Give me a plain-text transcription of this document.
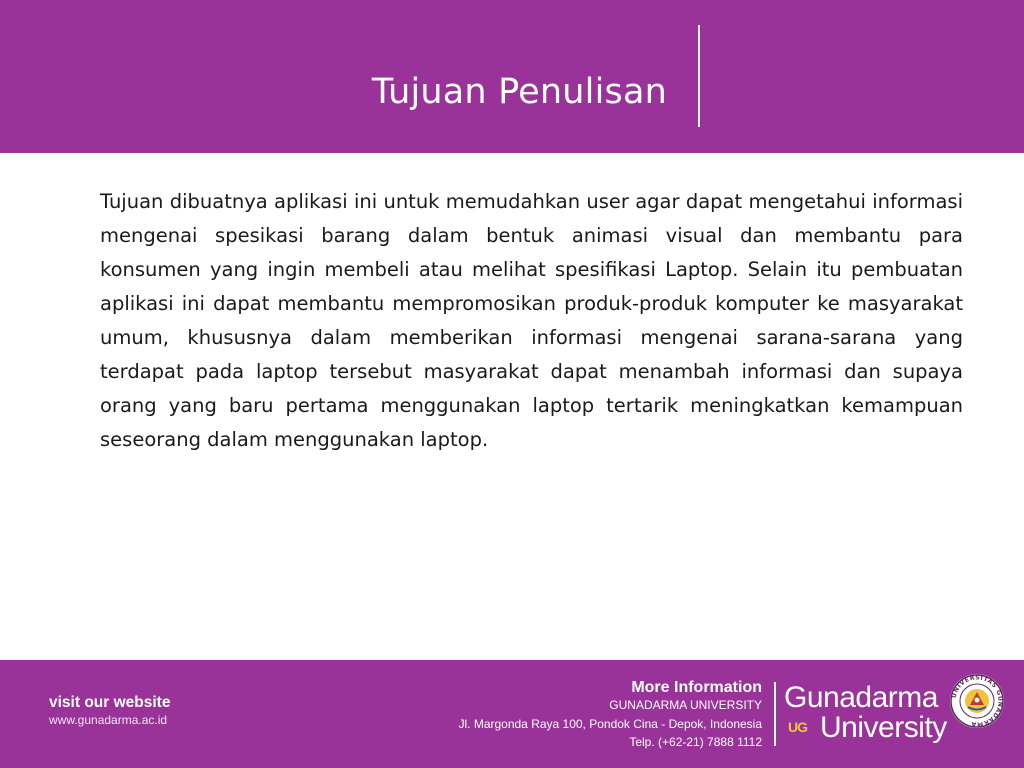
Tujuan Penulisan

Tujuan dibuatnya aplikasi ini untuk memudahkan user agar dapat mengetahui informasi mengenai spesikasi barang dalam bentuk animasi visual dan membantu para konsumen yang ingin membeli atau melihat spesifikasi Laptop. Selain itu pembuatan aplikasi ini dapat membantu mempromosikan produk-produk komputer ke masyarakat umum, khususnya dalam memberikan informasi mengenai sarana-sarana yang terdapat pada laptop tersebut masyarakat dapat menambah informasi dan supaya orang yang baru pertama menggunakan laptop tertarik meningkatkan kemampuan seseorang dalam menggunakan laptop.

visit our website
www.gunadarma.ac.id
More Information
GUNADARMA UNIVERSITY
Jl. Margonda Raya 100, Pondok Cina - Depok, Indonesia
Telp. (+62-21) 7888 1112
Gunadarma
UG University
UNIVERSITAS GUNADARMA
